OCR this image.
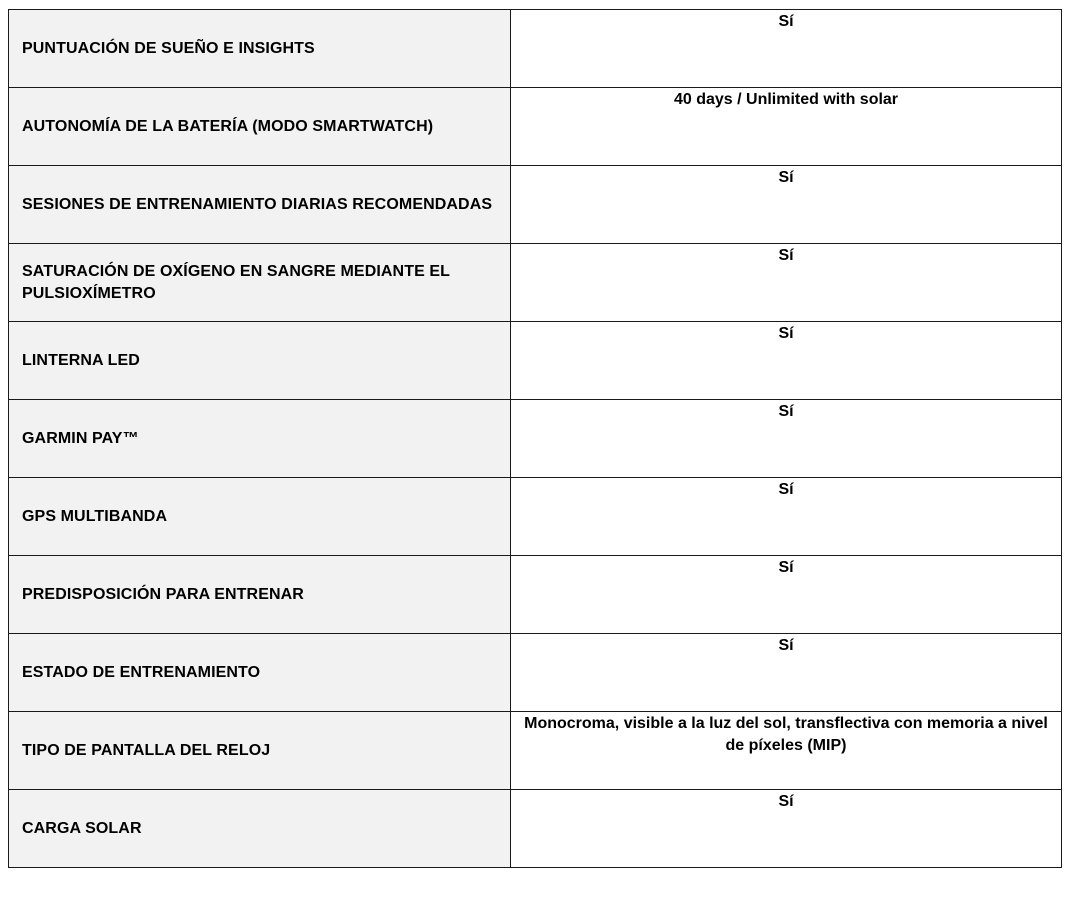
PUNTUACIÓN DE SUEÑO E INSIGHTS	Sí
AUTONOMÍA DE LA BATERÍA (MODO SMARTWATCH)	40 days / Unlimited with solar
SESIONES DE ENTRENAMIENTO DIARIAS RECOMENDADAS	Sí
SATURACIÓN DE OXÍGENO EN SANGRE MEDIANTE EL PULSIOXÍMETRO	Sí
LINTERNA LED	Sí
GARMIN PAY™	Sí
GPS MULTIBANDA	Sí
PREDISPOSICIÓN PARA ENTRENAR	Sí
ESTADO DE ENTRENAMIENTO	Sí
TIPO DE PANTALLA DEL RELOJ	Monocroma, visible a la luz del sol, transflectiva con memoria a nivel de píxeles (MIP)
CARGA SOLAR	Sí
